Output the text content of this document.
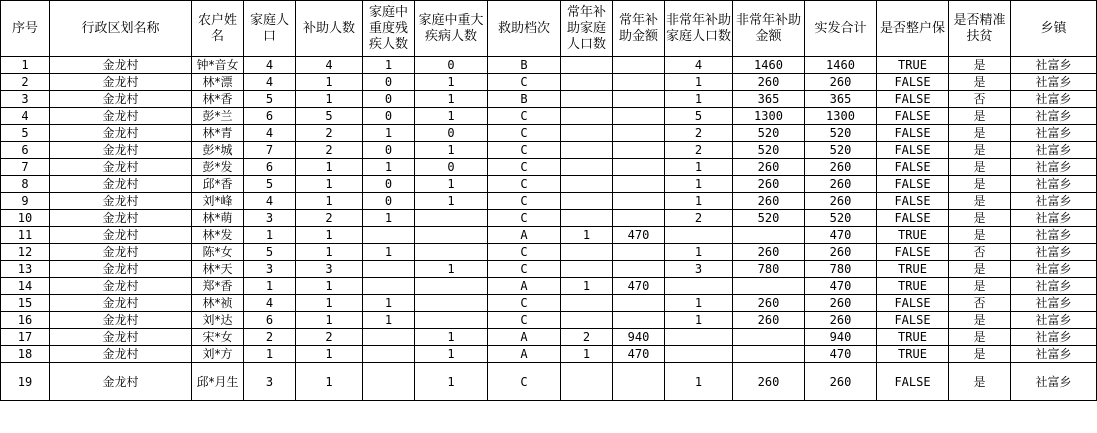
序号	行政区划名称	农户姓名	家庭人口	补助人数	家庭中重度残疾人数	家庭中重大疾病人数	救助档次	常年补助家庭人口数	常年补助金额	非常年补助家庭人口数	非常年补助金额	实发合计	是否整户保	是否精准扶贫	乡镇
1	金龙村	钟*音女	4	4	1	0	B			4	1460	1460	TRUE	是	社富乡
2	金龙村	林*漂	4	1	0	1	C			1	260	260	FALSE	是	社富乡
3	金龙村	林*香	5	1	0	1	B			1	365	365	FALSE	否	社富乡
4	金龙村	彭*兰	6	5	0	1	C			5	1300	1300	FALSE	是	社富乡
5	金龙村	林*青	4	2	1	0	C			2	520	520	FALSE	是	社富乡
6	金龙村	彭*城	7	2	0	1	C			2	520	520	FALSE	是	社富乡
7	金龙村	彭*发	6	1	1	0	C			1	260	260	FALSE	是	社富乡
8	金龙村	邱*香	5	1	0	1	C			1	260	260	FALSE	是	社富乡
9	金龙村	刘*峰	4	1	0	1	C			1	260	260	FALSE	是	社富乡
10	金龙村	林*萌	3	2	1		C			2	520	520	FALSE	是	社富乡
11	金龙村	林*发	1	1			A	1	470			470	TRUE	是	社富乡
12	金龙村	陈*女	5	1	1		C			1	260	260	FALSE	否	社富乡
13	金龙村	林*天	3	3		1	C			3	780	780	TRUE	是	社富乡
14	金龙村	郑*香	1	1			A	1	470			470	TRUE	是	社富乡
15	金龙村	林*祯	4	1	1		C			1	260	260	FALSE	否	社富乡
16	金龙村	刘*达	6	1	1		C			1	260	260	FALSE	是	社富乡
17	金龙村	宋*女	2	2		1	A	2	940			940	TRUE	是	社富乡
18	金龙村	刘*方	1	1		1	A	1	470			470	TRUE	是	社富乡
19	金龙村	邱*月生	3	1		1	C			1	260	260	FALSE	是	社富乡
